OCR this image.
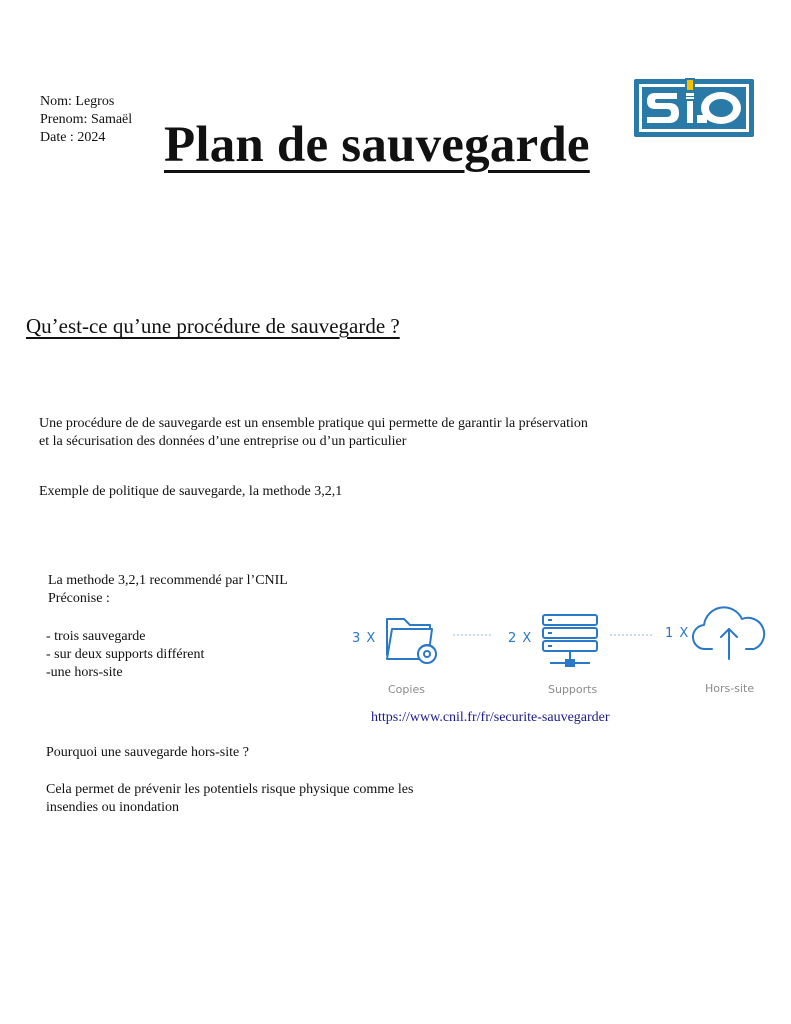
Nom: Legros
Prenom: Samaël
Date : 2024	Plan de sauvegarde
Qu’est-ce qu’une procédure de sauvegarde ?
Une procédure de de sauvegarde est un ensemble pratique qui permette de garantir la préservation et la sécurisation des données d’une entreprise ou d’un particulier
Exemple de politique de sauvegarde, la methode 3,2,1
La methode 3,2,1 recommendé par l’CNIL
Préconise :
- trois sauvegarde
- sur deux supports différent
-une hors-site
3 X
Copies
2 X
Supports
1 X
Hors-site
https://www.cnil.fr/fr/securite-sauvegarder
Pourquoi une sauvegarde hors-site ?
Cela permet de prévenir les potentiels risque physique comme les insendies ou inondation
